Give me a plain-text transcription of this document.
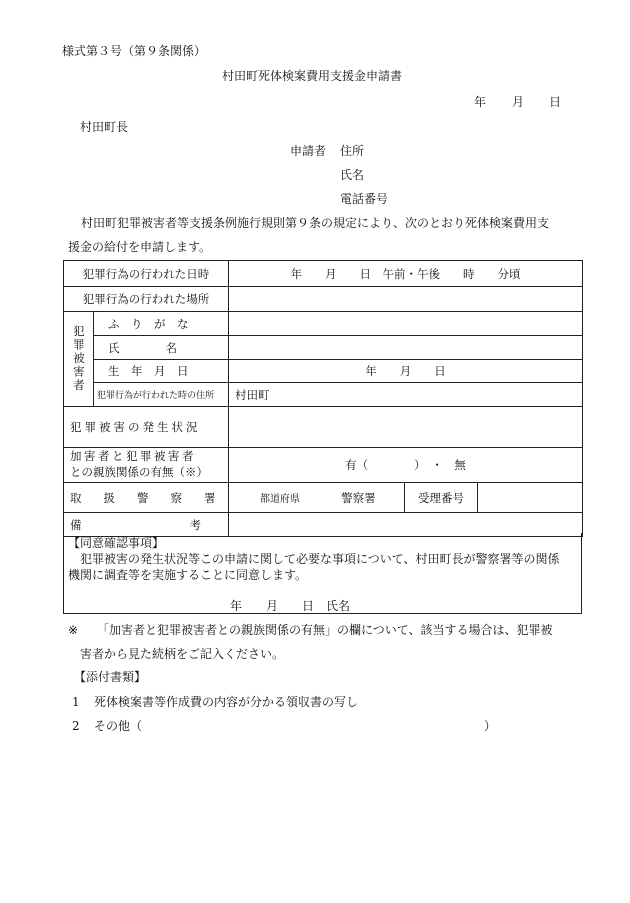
様式第３号（第９条関係）
村田町死体検案費用支援金申請書
年 月 日
村田町長
申請者 住所
氏名
電話番号
村田町犯罪被害者等支援条例施行規則第９条の規定により、次のとおり死体検案費用支
援金の給付を申請します。
犯罪行為の行われた日時		年　　月　　日　午前・午後　　時　　分頃		
犯罪行為の行われた場所				

犯罪被害者	ふ　り　が　な			
	氏　　　　名			
	生　年　月　日	年　　月　　日		
	犯罪行為が行われた時の住所	村田町		
犯罪被害の発生状況				

加害者と犯罪被害者
との親族関係の有無（※）		有（　　　　）　・　無		
取扱警察署		都道府県 警察署	受理番号	
備考				
【同意確認事項】
犯罪被害の発生状況等この申請に関して必要な事項について、村田町長が警察署等の関係
機関に調査等を実施することに同意します。
年　　月　　日　氏名
※ 「加害者と犯罪被害者との親族関係の有無」の欄について、該当する場合は、犯罪被
害者から見た続柄をご記入ください。
【添付書類】
1 死体検案書等作成費の内容が分かる領収書の写し
2 その他（	）
